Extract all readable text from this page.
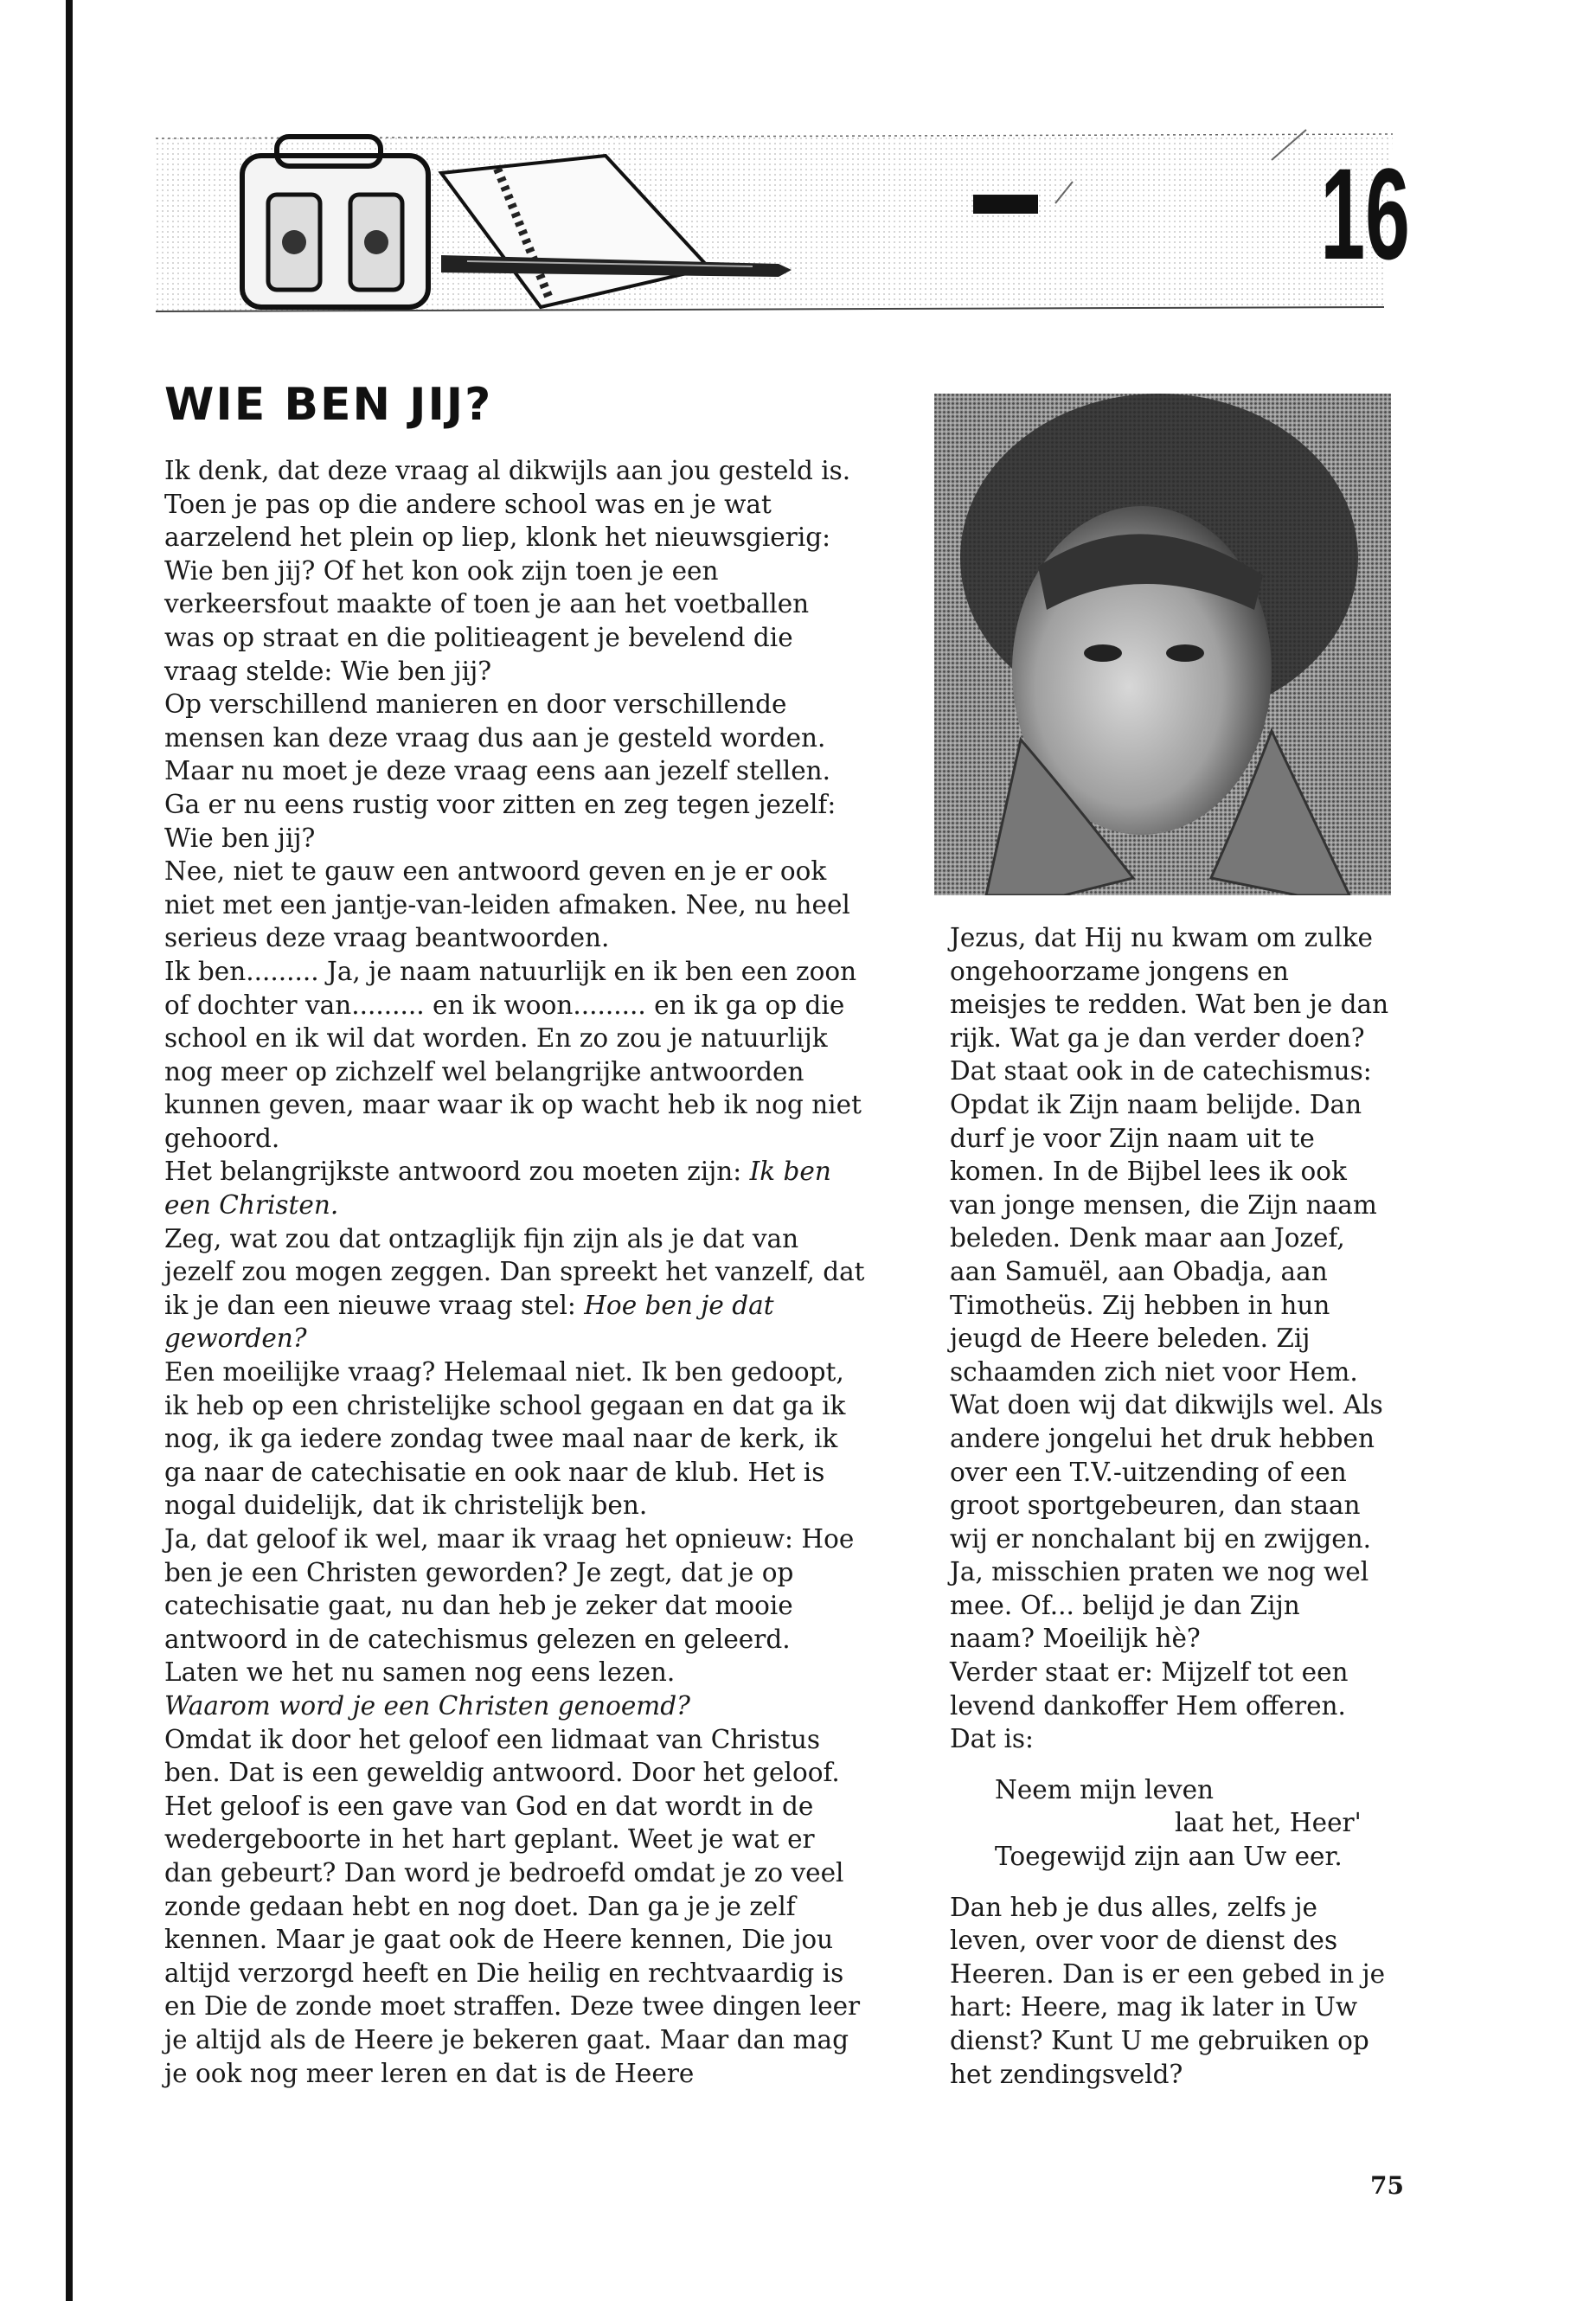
16
WIE BEN JIJ?

Ik denk, dat deze vraag al dikwijls aan jou gesteld is. Toen je pas op die andere school was en je wat aarzelend het plein op liep, klonk het nieuwsgierig: Wie ben jij? Of het kon ook zijn toen je een verkeersfout maakte of toen je aan het voetballen was op straat en die politieagent je bevelend die vraag stelde: Wie ben jij?

Op verschillend manieren en door verschillende mensen kan deze vraag dus aan je gesteld worden. Maar nu moet je deze vraag eens aan jezelf stellen. Ga er nu eens rustig voor zitten en zeg tegen jezelf: Wie ben jij?

Nee, niet te gauw een antwoord geven en je er ook niet met een jantje-van-leiden afmaken. Nee, nu heel serieus deze vraag beantwoorden.

Ik ben......... Ja, je naam natuurlijk en ik ben een zoon of dochter van......... en ik woon......... en ik ga op die school en ik wil dat worden. En zo zou je natuurlijk nog meer op zichzelf wel belangrijke antwoorden kunnen geven, maar waar ik op wacht heb ik nog niet gehoord.

Het belangrijkste antwoord zou moeten zijn: Ik ben een Christen.

Zeg, wat zou dat ontzaglijk fijn zijn als je dat van jezelf zou mogen zeggen. Dan spreekt het vanzelf, dat ik je dan een nieuwe vraag stel: Hoe ben je dat geworden?

Een moeilijke vraag? Helemaal niet. Ik ben gedoopt, ik heb op een christelijke school gegaan en dat ga ik nog, ik ga iedere zondag twee maal naar de kerk, ik ga naar de catechisatie en ook naar de klub. Het is nogal duidelijk, dat ik christelijk ben.

Ja, dat geloof ik wel, maar ik vraag het opnieuw: Hoe ben je een Christen geworden? Je zegt, dat je op catechisatie gaat, nu dan heb je zeker dat mooie antwoord in de catechismus gelezen en geleerd. Laten we het nu samen nog eens lezen.

Waarom word je een Christen genoemd?

Omdat ik door het geloof een lidmaat van Christus ben. Dat is een geweldig antwoord. Door het geloof. Het geloof is een gave van God en dat wordt in de wedergeboorte in het hart geplant. Weet je wat er dan gebeurt? Dan word je bedroefd omdat je zo veel zonde gedaan hebt en nog doet. Dan ga je je zelf kennen. Maar je gaat ook de Heere kennen, Die jou altijd verzorgd heeft en Die heilig en rechtvaardig is en Die de zonde moet straffen. Deze twee dingen leer je altijd als de Heere je bekeren gaat. Maar dan mag je ook nog meer leren en dat is de Heere

Jezus, dat Hij nu kwam om zulke ongehoorzame jongens en meisjes te redden. Wat ben je dan rijk. Wat ga je dan verder doen? Dat staat ook in de catechismus: Opdat ik Zijn naam belijde. Dan durf je voor Zijn naam uit te komen. In de Bijbel lees ik ook van jonge mensen, die Zijn naam beleden. Denk maar aan Jozef, aan Samuël, aan Obadja, aan Timotheüs. Zij hebben in hun jeugd de Heere beleden. Zij schaamden zich niet voor Hem. Wat doen wij dat dikwijls wel. Als andere jongelui het druk hebben over een T.V.-uitzending of een groot sportgebeuren, dan staan wij er nonchalant bij en zwijgen. Ja, misschien praten we nog wel mee. Of... belijd je dan Zijn naam? Moeilijk hè?

Verder staat er: Mijzelf tot een levend dankoffer Hem offeren. Dat is:

Neem mijn leven
laat het, Heer'
Toegewijd zijn aan Uw eer.

Dan heb je dus alles, zelfs je leven, over voor de dienst des Heeren. Dan is er een gebed in je hart: Heere, mag ik later in Uw dienst? Kunt U me gebruiken op het zendingsveld?

75
